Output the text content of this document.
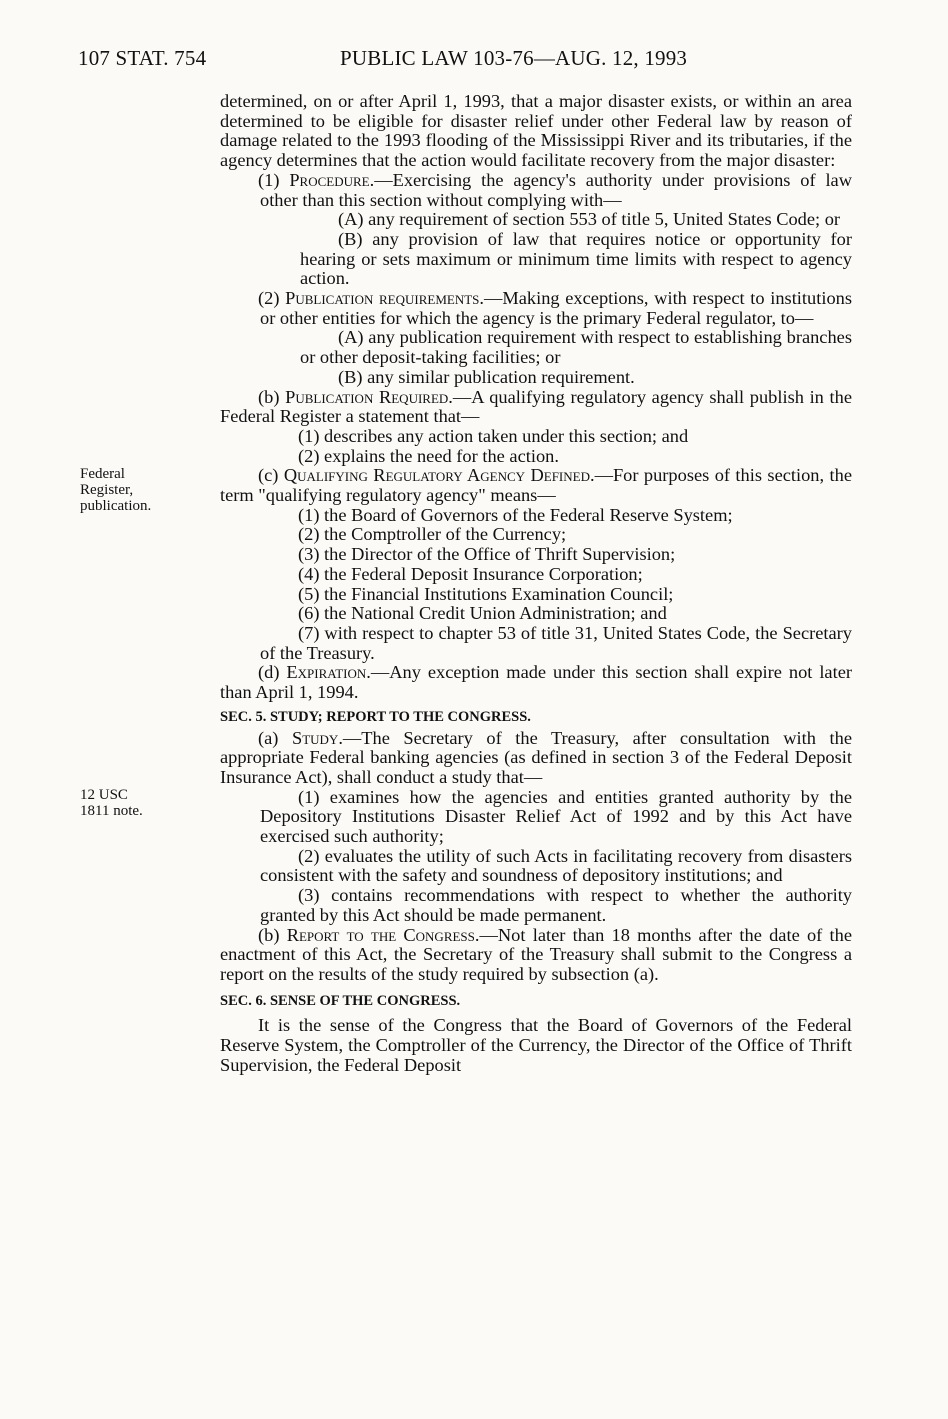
107 STAT. 754	PUBLIC LAW 103-76—AUG. 12, 1993
Federal Register, publication.
12 USC 1811 note.

determined, on or after April 1, 1993, that a major disaster exists, or within an area determined to be eligible for disaster relief under other Federal law by reason of damage related to the 1993 flooding of the Mississippi River and its tributaries, if the agency determines that the action would facilitate recovery from the major disaster:

(1) Procedure.—Exercising the agency's authority under provisions of law other than this section without complying with—

(A) any requirement of section 553 of title 5, United States Code; or

(B) any provision of law that requires notice or opportunity for hearing or sets maximum or minimum time limits with respect to agency action.

(2) Publication requirements.—Making exceptions, with respect to institutions or other entities for which the agency is the primary Federal regulator, to—

(A) any publication requirement with respect to establishing branches or other deposit-taking facilities; or

(B) any similar publication requirement.

(b) Publication Required.—A qualifying regulatory agency shall publish in the Federal Register a statement that—

(1) describes any action taken under this section; and

(2) explains the need for the action.

(c) Qualifying Regulatory Agency Defined.—For purposes of this section, the term "qualifying regulatory agency" means—

(1) the Board of Governors of the Federal Reserve System;

(2) the Comptroller of the Currency;

(3) the Director of the Office of Thrift Supervision;

(4) the Federal Deposit Insurance Corporation;

(5) the Financial Institutions Examination Council;

(6) the National Credit Union Administration; and

(7) with respect to chapter 53 of title 31, United States Code, the Secretary of the Treasury.

(d) Expiration.—Any exception made under this section shall expire not later than April 1, 1994.

SEC. 5. STUDY; REPORT TO THE CONGRESS.

(a) Study.—The Secretary of the Treasury, after consultation with the appropriate Federal banking agencies (as defined in section 3 of the Federal Deposit Insurance Act), shall conduct a study that—

(1) examines how the agencies and entities granted authority by the Depository Institutions Disaster Relief Act of 1992 and by this Act have exercised such authority;

(2) evaluates the utility of such Acts in facilitating recovery from disasters consistent with the safety and soundness of depository institutions; and

(3) contains recommendations with respect to whether the authority granted by this Act should be made permanent.

(b) Report to the Congress.—Not later than 18 months after the date of the enactment of this Act, the Secretary of the Treasury shall submit to the Congress a report on the results of the study required by subsection (a).

SEC. 6. SENSE OF THE CONGRESS.

It is the sense of the Congress that the Board of Governors of the Federal Reserve System, the Comptroller of the Currency, the Director of the Office of Thrift Supervision, the Federal Deposit
